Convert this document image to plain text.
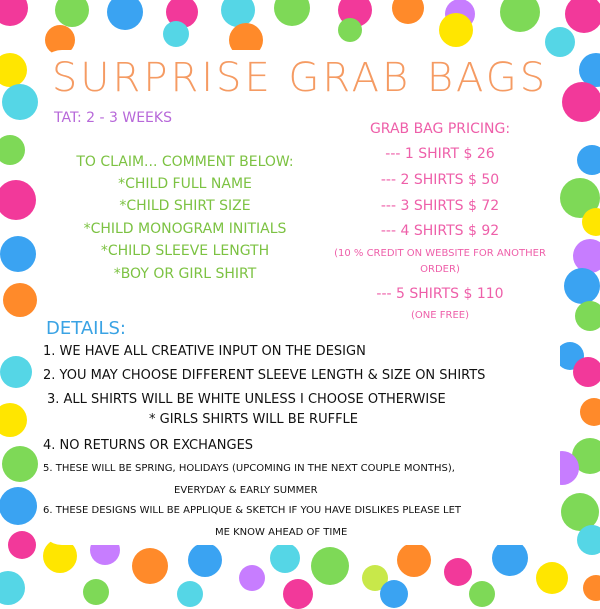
SURPRISE GRAB BAGS
TAT: 2 - 3 WEEKS
TO CLAIM... COMMENT BELOW:
*CHILD FULL NAME
*CHILD SHIRT SIZE
*CHILD MONOGRAM INITIALS
*CHILD SLEEVE LENGTH
*BOY OR GIRL SHIRT
GRAB BAG PRICING:
--- 1 SHIRT $ 26
--- 2 SHIRTS $ 50
--- 3 SHIRTS $ 72
--- 4 SHIRTS $ 92
(10 % CREDIT ON WEBSITE FOR ANOTHER
ORDER)
--- 5 SHIRTS $ 110
(ONE FREE)
DETAILS:
1. WE HAVE ALL CREATIVE INPUT ON THE DESIGN
2. YOU MAY CHOOSE DIFFERENT SLEEVE LENGTH & SIZE ON SHIRTS
3. ALL SHIRTS WILL BE WHITE UNLESS I CHOOSE OTHERWISE
* GIRLS SHIRTS WILL BE RUFFLE
4. NO RETURNS OR EXCHANGES
5. THESE WILL BE SPRING, HOLIDAYS (UPCOMING IN THE NEXT COUPLE MONTHS),
EVERYDAY & EARLY SUMMER
6. THESE DESIGNS WILL BE APPLIQUE & SKETCH IF YOU HAVE DISLIKES PLEASE LET
ME KNOW AHEAD OF TIME
